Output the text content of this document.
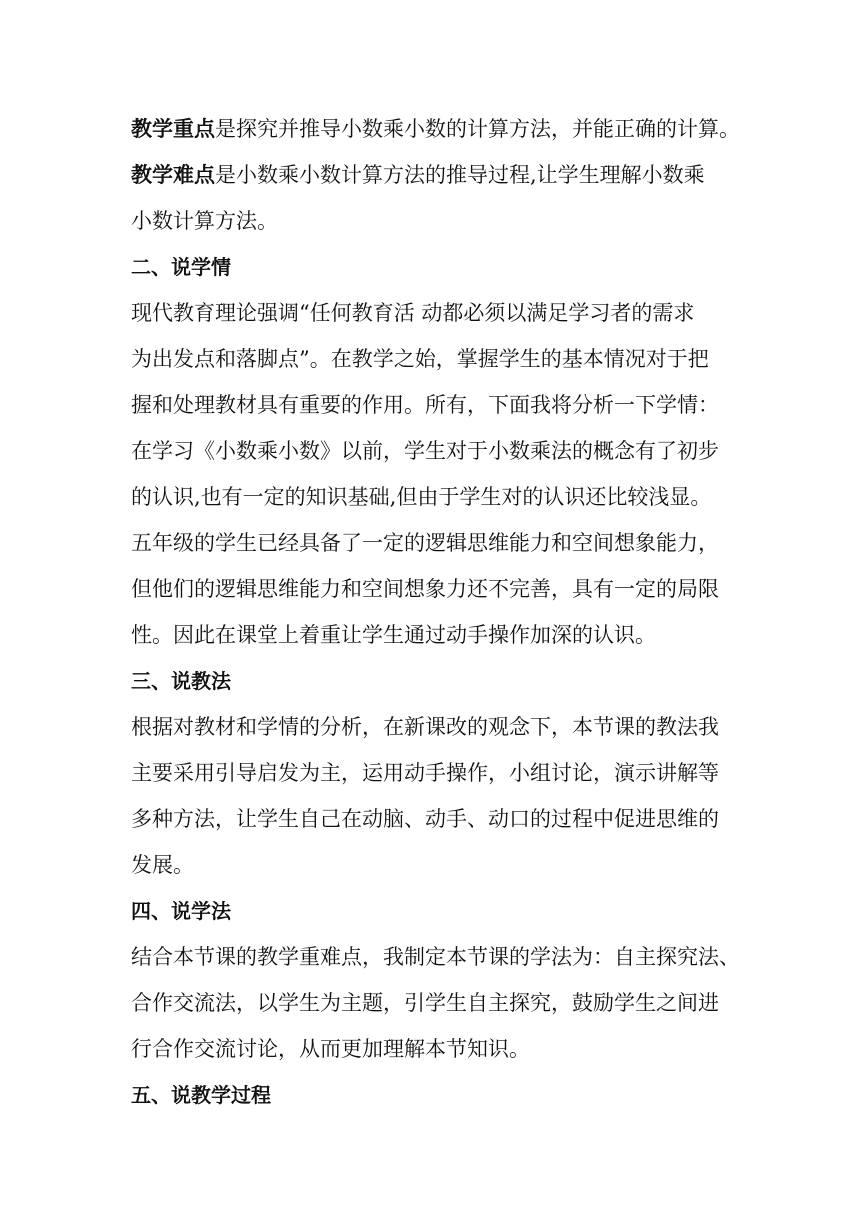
教学重点是探究并推导小数乘小数的计算方法，并能正确的计算。
教学难点是小数乘小数计算方法的推导过程,让学生理解小数乘
小数计算方法。
二、说学情
现代教育理论强调“任何教育活 动都必须以满足学习者的需求
为出发点和落脚点”。在教学之始，掌握学生的基本情况对于把
握和处理教材具有重要的作用。所有，下面我将分析一下学情：
在学习《小数乘小数》以前，学生对于小数乘法的概念有了初步
的认识,也有一定的知识基础,但由于学生对的认识还比较浅显。
五年级的学生已经具备了一定的逻辑思维能力和空间想象能力，
但他们的逻辑思维能力和空间想象力还不完善，具有一定的局限
性。因此在课堂上着重让学生通过动手操作加深的认识。
三、说教法
根据对教材和学情的分析，在新课改的观念下，本节课的教法我
主要采用引导启发为主，运用动手操作，小组讨论，演示讲解等
多种方法，让学生自己在动脑、动手、动口的过程中促进思维的
发展。
四、说学法
结合本节课的教学重难点，我制定本节课的学法为：自主探究法、
合作交流法，以学生为主题，引学生自主探究，鼓励学生之间进
行合作交流讨论，从而更加理解本节知识。
五、说教学过程
